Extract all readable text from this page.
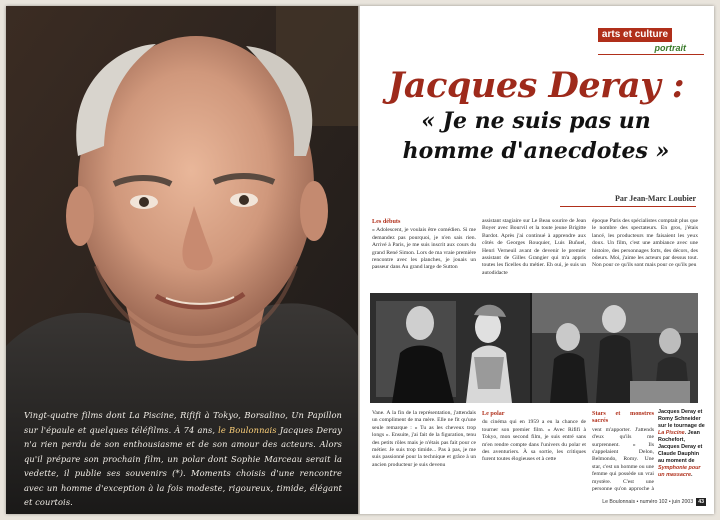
Vingt-quatre films dont La Piscine, Rififi à Tokyo, Borsalino, Un Papillon sur l'épaule et quelques téléfilms. À 74 ans, le Boulonnais Jacques Deray n'a rien perdu de son enthousiasme et de son amour des acteurs. Alors qu'il prépare son prochain film, un polar dont Sophie Marceau serait la vedette, il publie ses souvenirs (*). Moments choisis d'une rencontre avec un homme d'exception à la fois modeste, rigoureux, timide, élégant et courtois.
arts et culture
portrait
Jacques Deray :
« Je ne suis pas un
homme d'anecdotes »
Par Jean-Marc Loubier
Les débuts
« Adolescent, je voulais être comédien. Si me demandez pas pourquoi, je n'en sais rien. Arrivé à Paris, je me suis inscrit aux cours du grand René Simon. Lors de ma vraie première rencontre avec les planches, je jouais un passeur dans Au grand large de Sutton
assistant stagiaire sur Le Beau sourire de Jean Boyer avec Bourvil et la toute jeune Brigitte Bardot. Après j'ai continué à apprendre aux côtés de Georges Rouquier, Luis Buñuel, Henri Verneuil avant de devenir le premier assistant de Gilles Grangier qui m'a appris toutes les ficelles du métier. Eh oui, je suis un autodidacte
époque Paris des spécialistes comptait plus que le nombre des spectateurs. En gros, j'étais lancé, les producteurs me faisaient les yeux doux. Un film, c'est une ambiance avec une histoire, des personnages forts, des décors, des odeurs. Moi, j'aime les acteurs par dessus tout. Non pour ce qu'ils sont mais pour ce qu'ils peu
Vane. À la fin de la représentation, j'attendais un compliment de ma mère. Elle ne fit qu'une seule remarque : « Tu as les cheveux trop longs ». Ensuite, j'ai fait de la figuration, tenu des petits rôles mais je n'étais pas fait pour ce métier. Je suis trop timide... Pas à pas, je me suis passionné pour la technique et grâce à un ancien producteur je suis devenu
Le polar
du cinéma qui en 1959 a eu la chance de tourner son premier film. « Avec Rififi à Tokyo, mon second film, je suis entré sans m'en rendre compte dans l'univers du polar et des aventuriers. À sa sortie, les critiques furent toutes élogieuses et à cette
Stars et monstres sacrés
vent m'apporter. J'attends d'eux qu'ils me surprennent. « Ils s'appelaient Delon, Belmondo, Romy. Une star, c'est un homme ou une femme qui possède un vrai mystère. C'est une personne qu'on approche à
Jacques Deray et Romy Schneider sur le tournage de La Piscine. Jean Rochefort, Jacques Deray et Claude Dauphin au moment de Symphonie pour un massacre.
Le Boulonnais • numéro 102 • juin 2003 43
